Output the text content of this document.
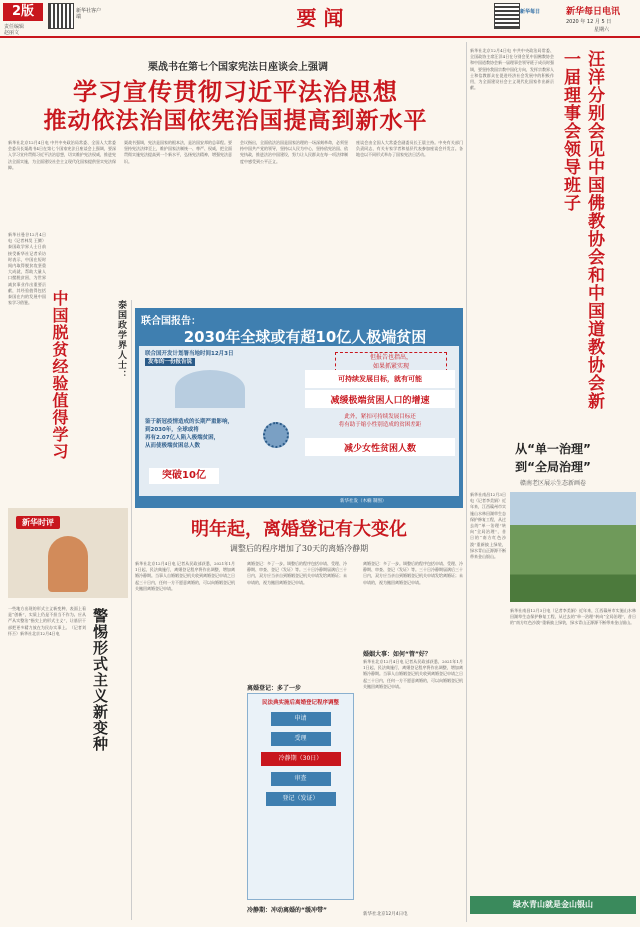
2版
责任编辑
赵丽文
新华社客户端	要 闻	新华每日	新华每日电讯
2020 年 12 月 5 日
星期六
栗战书在第七个国家宪法日座谈会上强调
学习宣传贯彻习近平法治思想
推动依法治国依宪治国提高到新水平
新华社北京12月4日电 中共中央政治局常委、全国人大常委会委员长栗战书4日在第七个国家宪法日座谈会上强调，要深入学习宣传贯彻习近平法治思想，切实维护宪法权威，推进宪法全面实施，为全面建设社会主义现代化国家提供坚实宪法保障。
栗战书强调，宪法是国家的根本法，是治国安邦的总章程。要坚持宪法法律至上，维护国家法制统一、尊严、权威，把全面贯彻实施宪法提高到一个新水平，弘扬宪法精神，增强宪法意识。
会议指出，全面依法治国是国家治理的一场深刻革命，必须坚持中国共产党的领导，坚持以人民为中心，坚持依宪治国、依宪执政，推进法治中国建设，努力让人民群众在每一项法律制度中感受到公平正义。
座谈会由全国人大常委会副委员长王晨主持。中央有关部门负责同志，有关专家学者和基层代表参加座谈会并发言。各地也以不同形式举办了国家宪法日活动。
泰国政学界人士：
中国脱贫经验值得学习
新华社曼谷12月4日电（记者林昊 王腾）泰国政学界人士日前接受新华社记者采访时表示，中国在短时间内取得脱贫攻坚重大成就，帮助大量人口摆脱贫困，为世界减贫事业作出重要贡献，其经验值得包括泰国在内的发展中国家学习借鉴。
联合国报告：
2030年全球或有超10亿人极端贫困
联合国开发计划署当地时间12月3日
发布的一份报告说
但报告也指出，
如果抓紧实现
鉴于新冠疫情造成的长期严重影响，
到2030年，全球或将
再有2.07亿人陷入极端贫困，
从而使极端贫困总人数
突破10亿
可持续发展目标，就有可能
减缓极端贫困人口的增速
此外，紧扣可持续发展目标还
将有助于缩小性别造成的贫困差距
减少女性贫困人数
新华社发（木楠 制图）
新华时评
警惕形式主义新变种
一些地方出现的形式主义新变种，表面上看是“创新”，实质上仍是不担当不作为。应从严从实整治“指尖上的形式主义”，让基层干部把更多精力放在为民办实事上。（记者刘怀丕）新华社北京12月4日电
明年起，离婚登记有大变化
调整后的程序增加了30天的离婚冷静期
新华社北京12月4日电 记者从民政部获悉，2021年1月1日起，民法典施行，离婚登记程序将作出调整，增加离婚冷静期。当事人自婚姻登记机关收到离婚登记申请之日起三十日内，任何一方不愿意离婚的，可以向婚姻登记机关撤回离婚登记申请。
离婚登记：多了一步。调整后的程序包括申请、受理、冷静期、审查、登记（发证）等。三十日冷静期届满后三十日内，双方应当亲自到婚姻登记机关申请发给离婚证；未申请的，视为撤回离婚登记申请。
离婚登记：多了一步
冷静期：冲动离婚的“缓冲带”
婚姻大事：如何“管”好？
民法典实施后离婚登记程序调整
申请
受理
冷静期（30日）
审查
登记（发证）
离婚登记：多了一步。调整后的程序包括申请、受理、冷静期、审查、登记（发证）等。三十日冷静期届满后三十日内，双方应当亲自到婚姻登记机关申请发给离婚证；未申请的，视为撤回离婚登记申请。
新华社北京12月4日电 记者从民政部获悉，2021年1月1日起，民法典施行，离婚登记程序将作出调整，增加离婚冷静期。当事人自婚姻登记机关收到离婚登记申请之日起三十日内，任何一方不愿意离婚的，可以向婚姻登记机关撤回离婚登记申请。
新华社北京12月4日电
汪洋分别会见中国佛教协会和中国道教协会新一届理事会领导班子
新华社北京12月4日电 中共中央政治局常委、全国政协主席汪洋4日在分别会见中国佛教协会和中国道教协会新一届理事会领导班子成员时强调，要坚持我国宗教中国化方向，发挥宗教界人士和信教群众在促进经济社会发展中的积极作用，为全面建设社会主义现代化国家作出新贡献。
从“单一治理”
到“全局治理”
赣南老区展示生态新画卷
新华社南昌12月3日电（记者李美娟）近年来，江西赣州市实施山水林田湖草生态保护修复工程，从过去的“单一治理”转向“全局治理”，昔日的“南方红色沙漠”重新披上绿装，绿水青山正源源不断带来金山银山。
新华社南昌12月3日电（记者李美娟）近年来，江西赣州市实施山水林田湖草生态保护修复工程，从过去的“单一治理”转向“全局治理”，昔日的“南方红色沙漠”重新披上绿装，绿水青山正源源不断带来金山银山。
绿水青山就是金山银山
